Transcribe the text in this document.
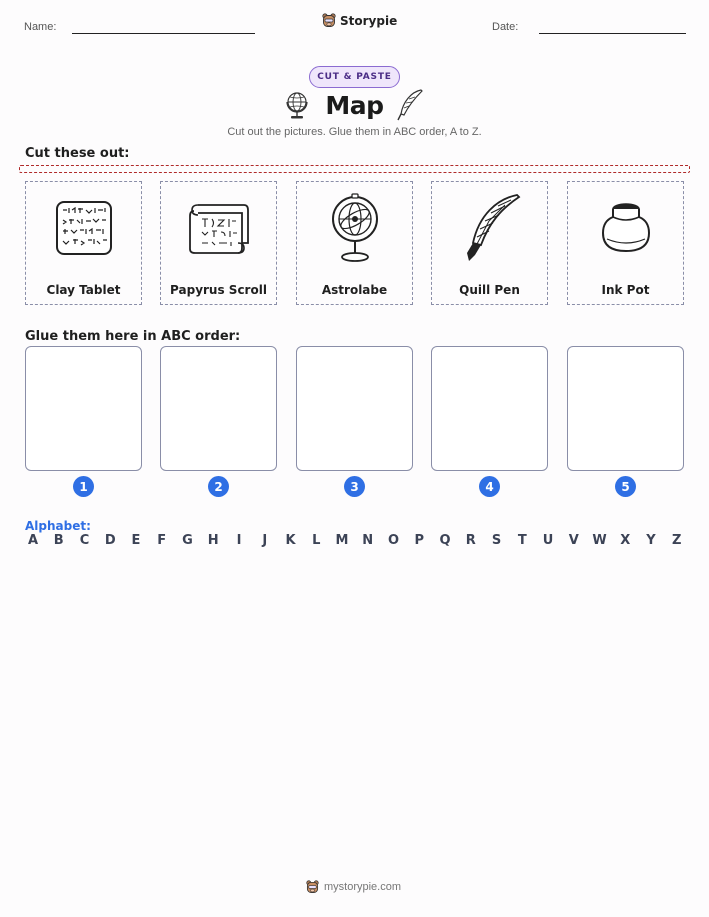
Name:	Storypie	Date:
CUT & PASTE
Map
Cut out the pictures. Glue them in ABC order, A to Z.
Cut these out:
Clay Tablet	Papyrus Scroll	Astrolabe	Quill Pen	Ink Pot
Glue them here in ABC order:
1	2	3	4	5
Alphabet:
A B C D E F G H	I	J	K L M N O P Q R S T U V W X Y Z
mystorypie.com
